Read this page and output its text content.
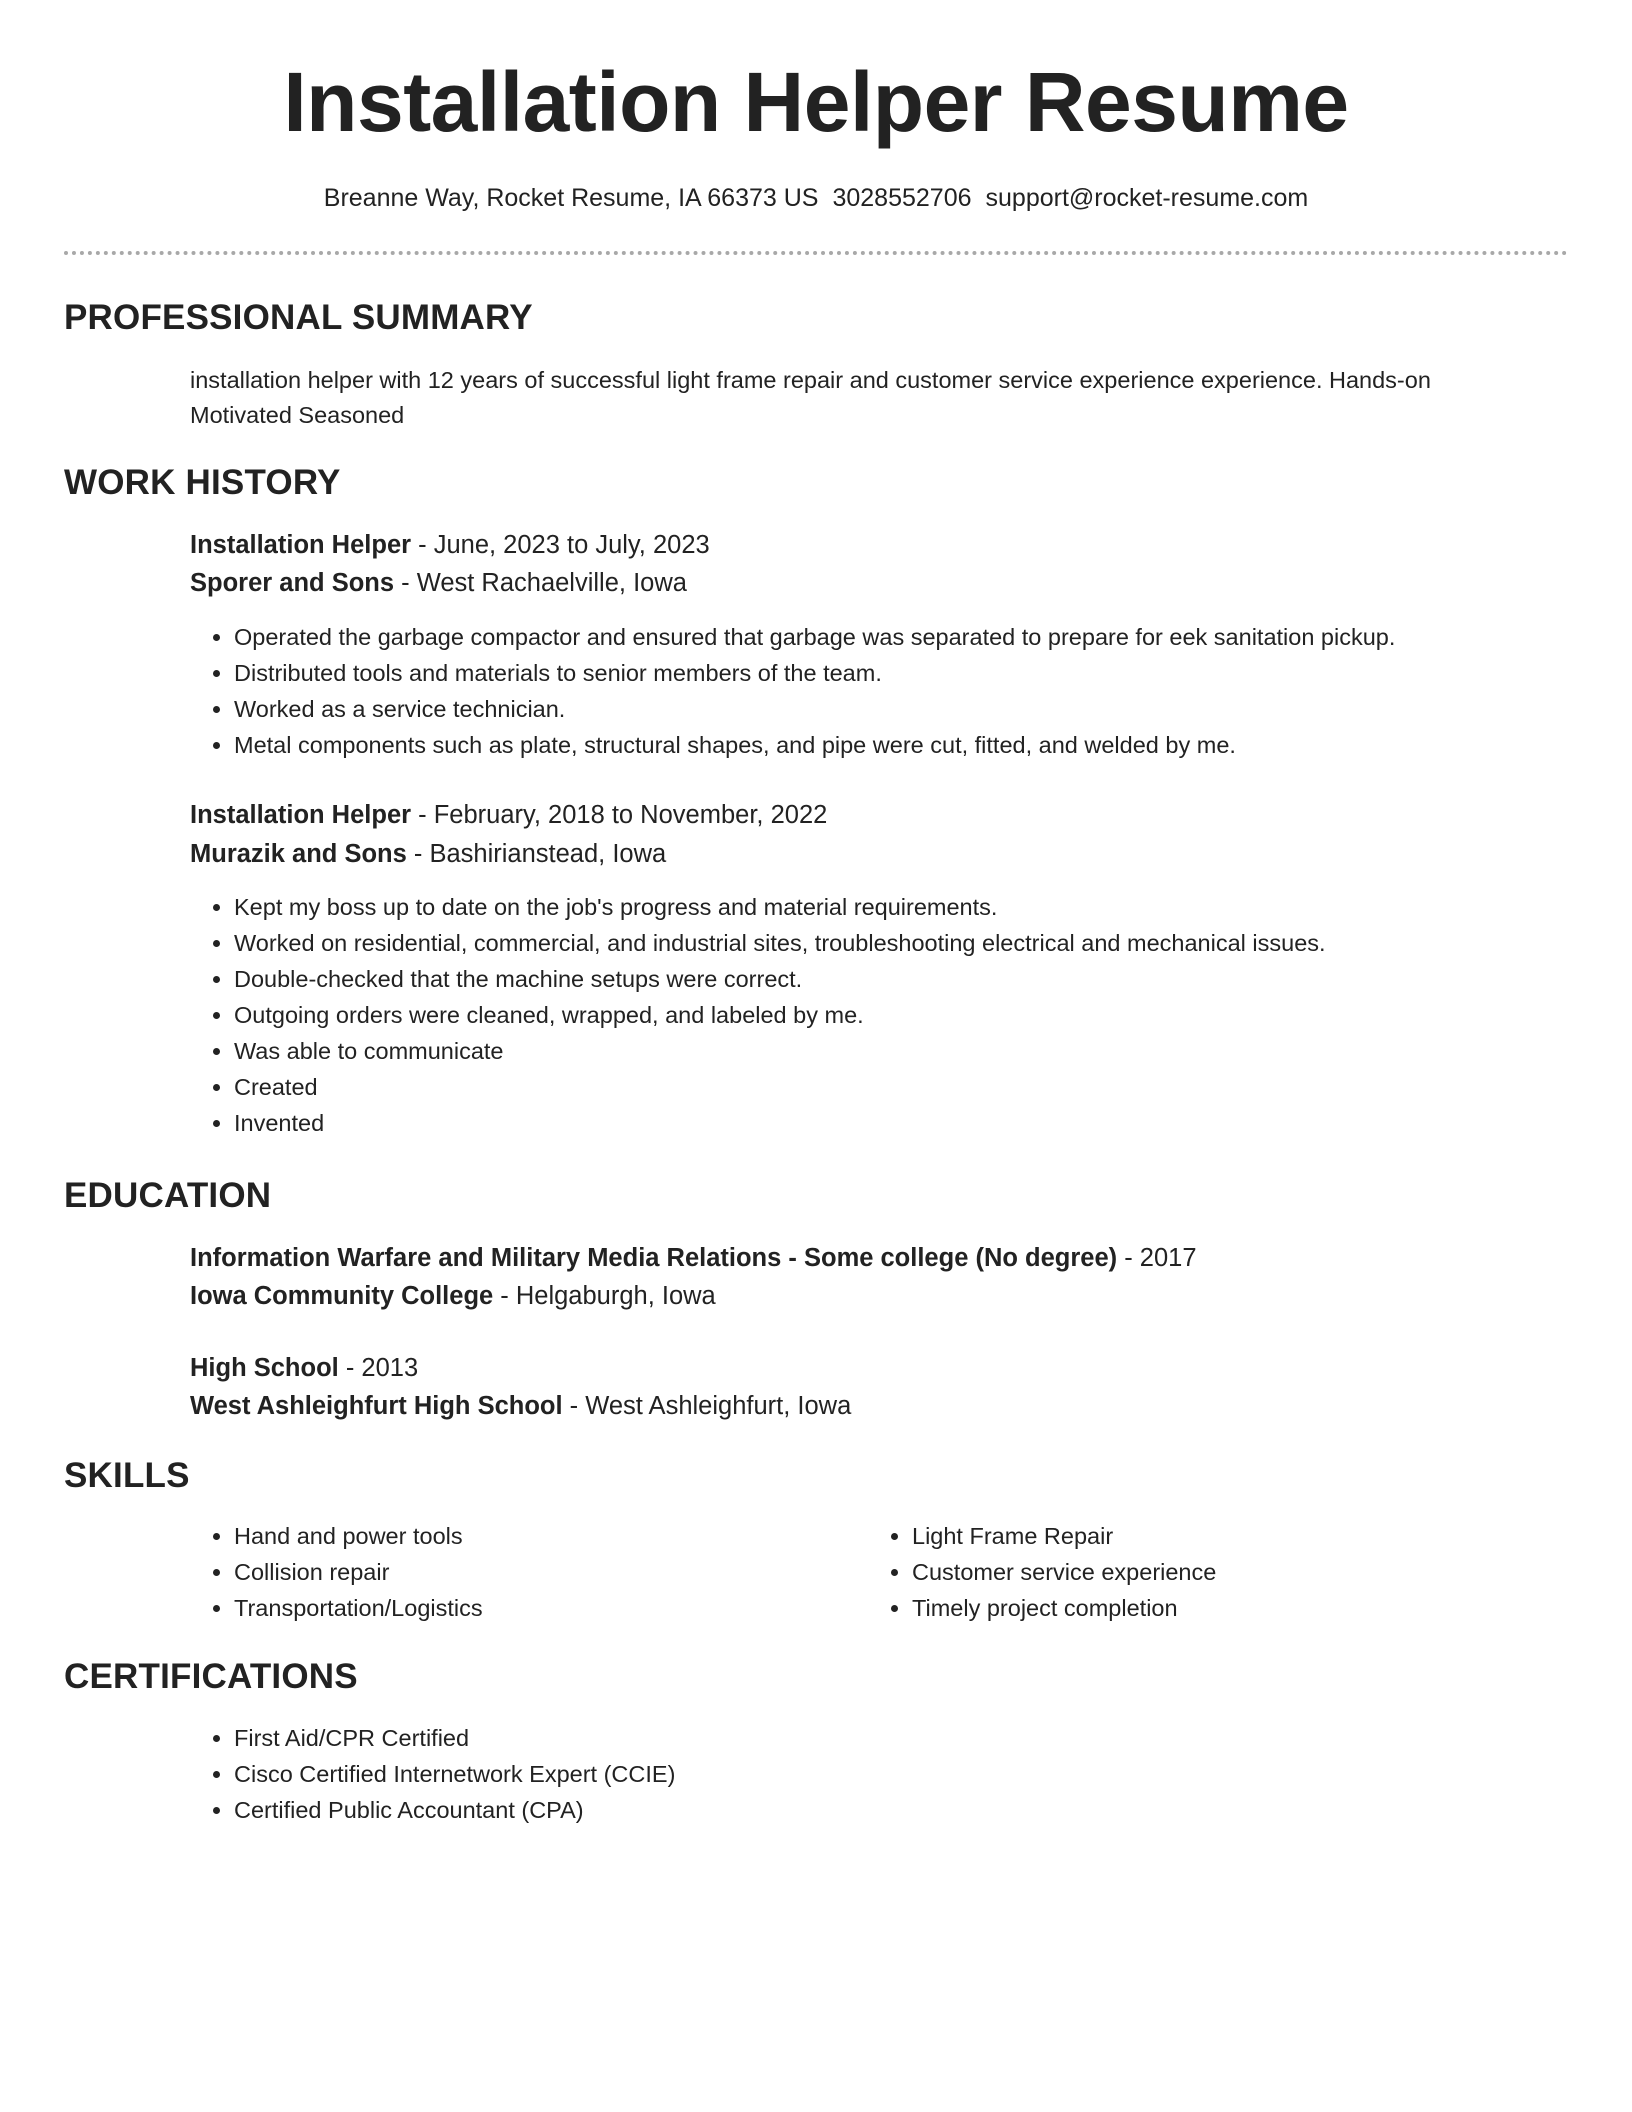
Installation Helper Resume
Breanne Way, Rocket Resume, IA 66373 US 3028552706 support@rocket-resume.com
PROFESSIONAL SUMMARY
installation helper with 12 years of successful light frame repair and customer service experience experience. Hands-on
Motivated Seasoned
WORK HISTORY
Installation Helper - June, 2023 to July, 2023
Sporer and Sons - West Rachaelville, Iowa
• Operated the garbage compactor and ensured that garbage was separated to prepare for eek sanitation pickup.
• Distributed tools and materials to senior members of the team.
• Worked as a service technician.
• Metal components such as plate, structural shapes, and pipe were cut, fitted, and welded by me.
Installation Helper - February, 2018 to November, 2022
Murazik and Sons - Bashirianstead, Iowa
• Kept my boss up to date on the job's progress and material requirements.
• Worked on residential, commercial, and industrial sites, troubleshooting electrical and mechanical issues.
• Double-checked that the machine setups were correct.
• Outgoing orders were cleaned, wrapped, and labeled by me.
• Was able to communicate
• Created
• Invented
EDUCATION
Information Warfare and Military Media Relations - Some college (No degree) - 2017
Iowa Community College - Helgaburgh, Iowa
High School - 2013
West Ashleighfurt High School - West Ashleighfurt, Iowa
SKILLS
• Hand and power tools
• Collision repair
• Transportation/Logistics
• Light Frame Repair
• Customer service experience
• Timely project completion
CERTIFICATIONS
• First Aid/CPR Certified
• Cisco Certified Internetwork Expert (CCIE)
• Certified Public Accountant (CPA)
